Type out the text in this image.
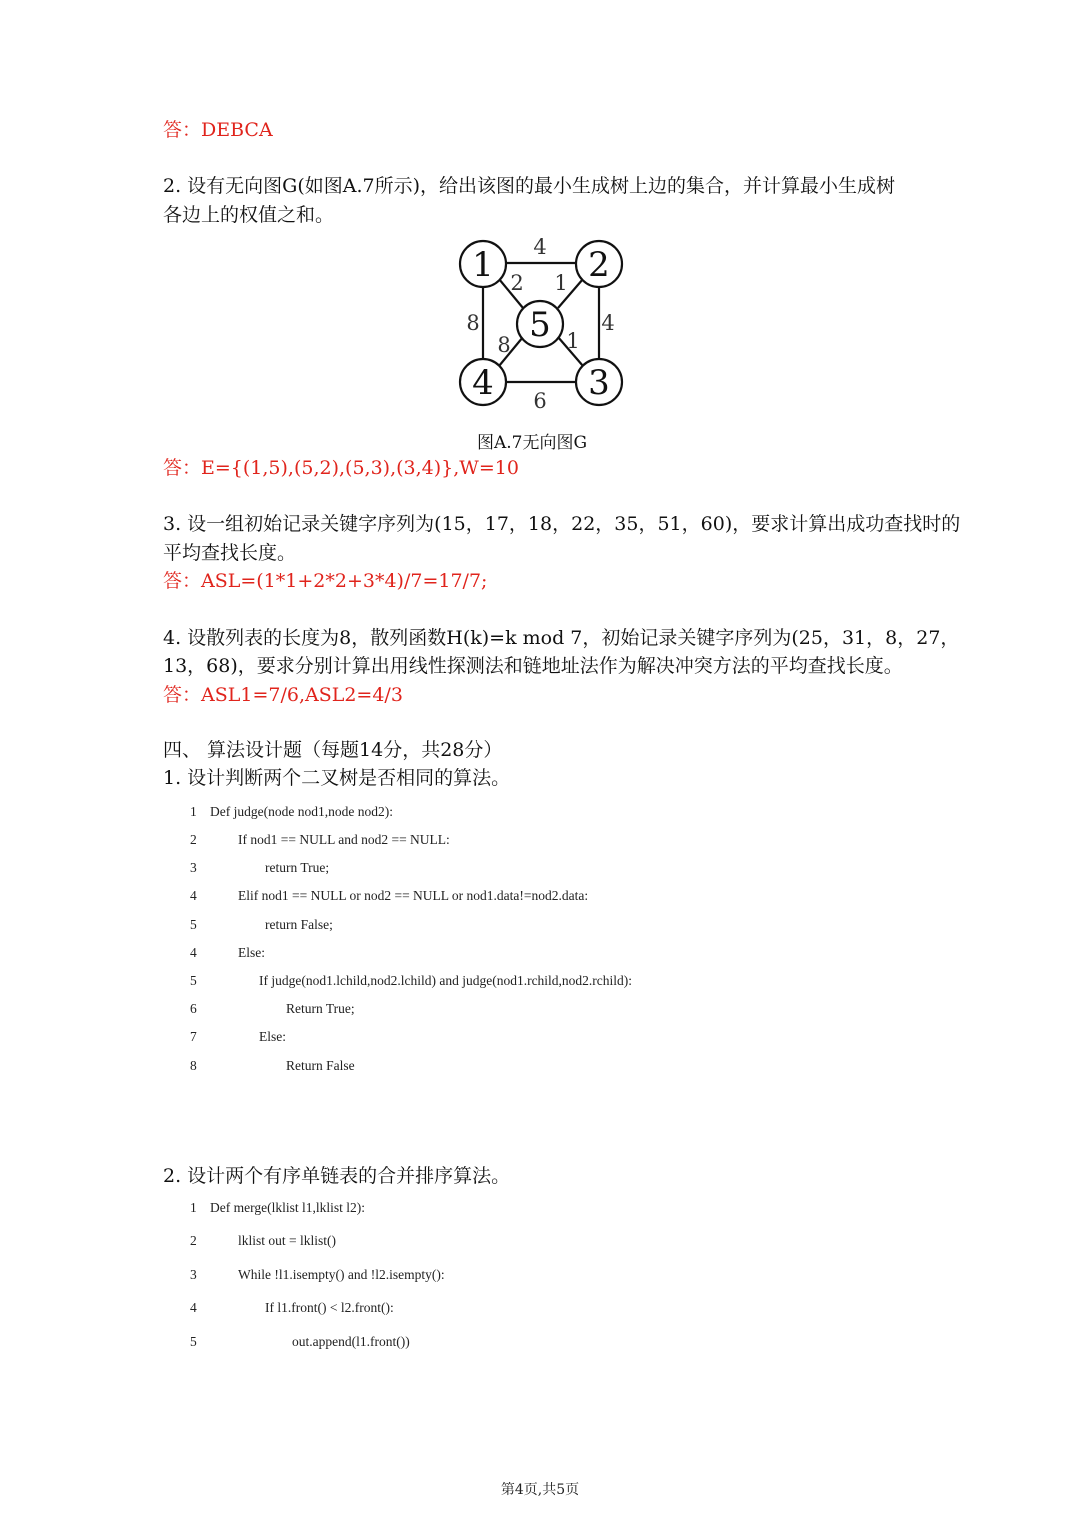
答：DEBCA
2. 设有无向图G(如图A.7所示)，给出该图的最小生成树上边的集合，并计算最小生成树
各边上的权值之和。
1	2
5
4	3
4
2 1
8	4
8	1
6
图A.7无向图G
答：E={(1,5),(5,2),(5,3),(3,4)},W=10
3. 设一组初始记录关键字序列为(15，17，18，22，35，51，60)，要求计算出成功查找时的
平均查找长度。
答：ASL=(1*1+2*2+3*4)/7=17/7;
4. 设散列表的长度为8，散列函数H(k)=k mod 7，初始记录关键字序列为(25，31，8，27，
13，68)，要求分别计算出用线性探测法和链地址法作为解决冲突方法的平均查找长度。
答：ASL1=7/6,ASL2=4/3
四、 算法设计题（每题14分，共28分）
1. 设计判断两个二叉树是否相同的算法。
1 Def judge(node nod1,node nod2):
2	If nod1 == NULL and nod2 == NULL:
3	return True;
4	Elif nod1 == NULL or nod2 == NULL or nod1.data!=nod2.data:
5	return False;
4	Else:
5	If judge(nod1.lchild,nod2.lchild) and judge(nod1.rchild,nod2.rchild):
6	Return True;
7	Else:
8	Return False
2. 设计两个有序单链表的合并排序算法。
1 Def merge(lklist l1,lklist l2):
2	lklist out = lklist()
3	While !l1.isempty() and !l2.isempty():
4	If l1.front() < l2.front():
5	out.append(l1.front())
第4页,共5页
